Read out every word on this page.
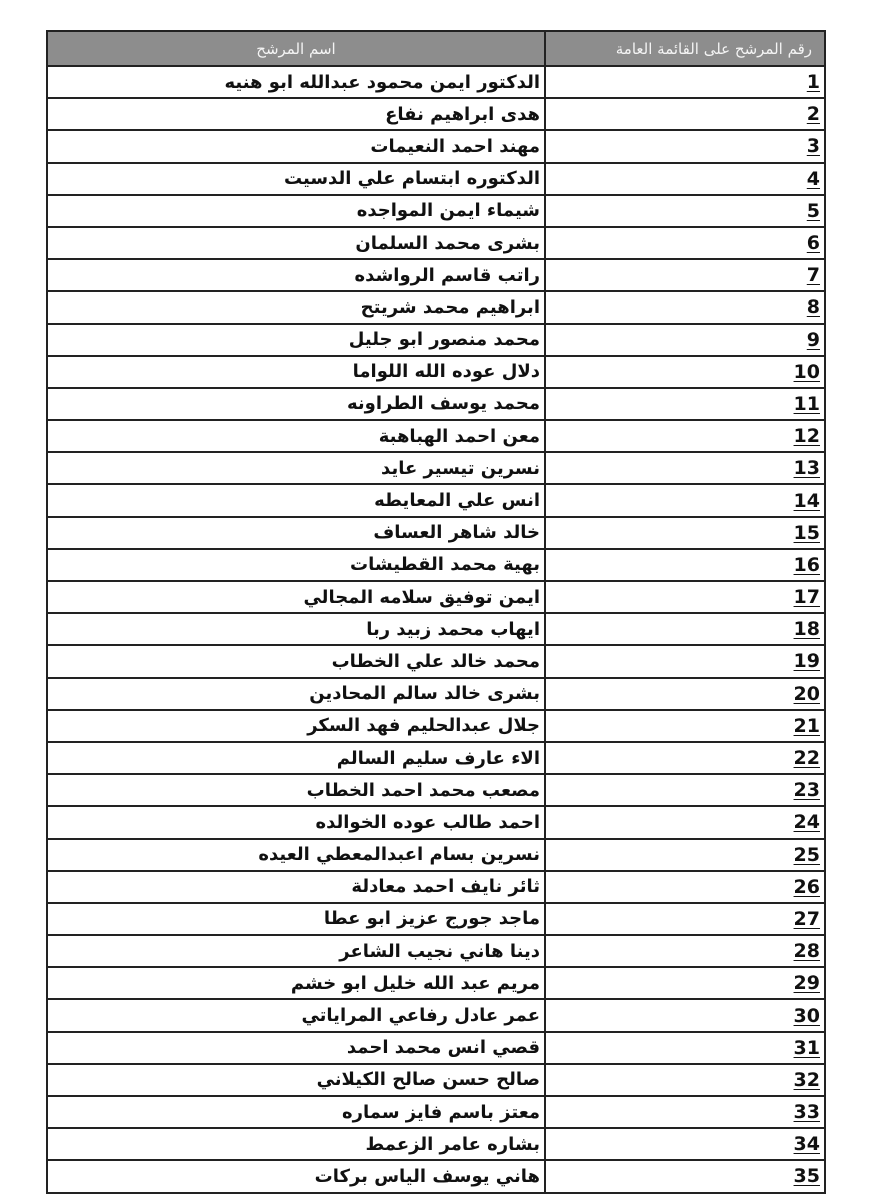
رقم المرشح على القائمة العامة	اسم المرشح
1	الدكتور ايمن محمود عبدالله ابو هنيه
2	هدى ابراهيم نفاع
3	مهند احمد النعيمات
4	الدكتوره ابتسام علي الدسيت
5	شيماء ايمن المواجده
6	بشرى محمد السلمان
7	راتب قاسم الرواشده
8	ابراهيم محمد شريتح
9	محمد منصور ابو جليل
10	دلال عوده الله اللواما
11	محمد يوسف الطراونه
12	معن احمد الهباهبة
13	نسرين تيسير عايد
14	انس علي المعايطه
15	خالد شاهر العساف
16	بهية محمد القطيشات
17	ايمن توفيق سلامه المجالي
18	ايهاب محمد زبيد ربا
19	محمد خالد علي الخطاب
20	بشرى خالد سالم المحادين
21	جلال عبدالحليم فهد السكر
22	الاء عارف سليم السالم
23	مصعب محمد احمد الخطاب
24	احمد طالب عوده الخوالده
25	نسرين بسام اعبدالمعطي العيده
26	ثائر نايف احمد معادلة
27	ماجد جورج عزيز ابو عطا
28	دينا هاني نجيب الشاعر
29	مريم عبد الله خليل ابو خشم
30	عمر عادل رفاعي المراياتي
31	قصي انس محمد احمد
32	صالح حسن صالح الكيلاني
33	معتز باسم فايز سماره
34	بشاره عامر الزعمط
35	هاني يوسف الياس بركات
